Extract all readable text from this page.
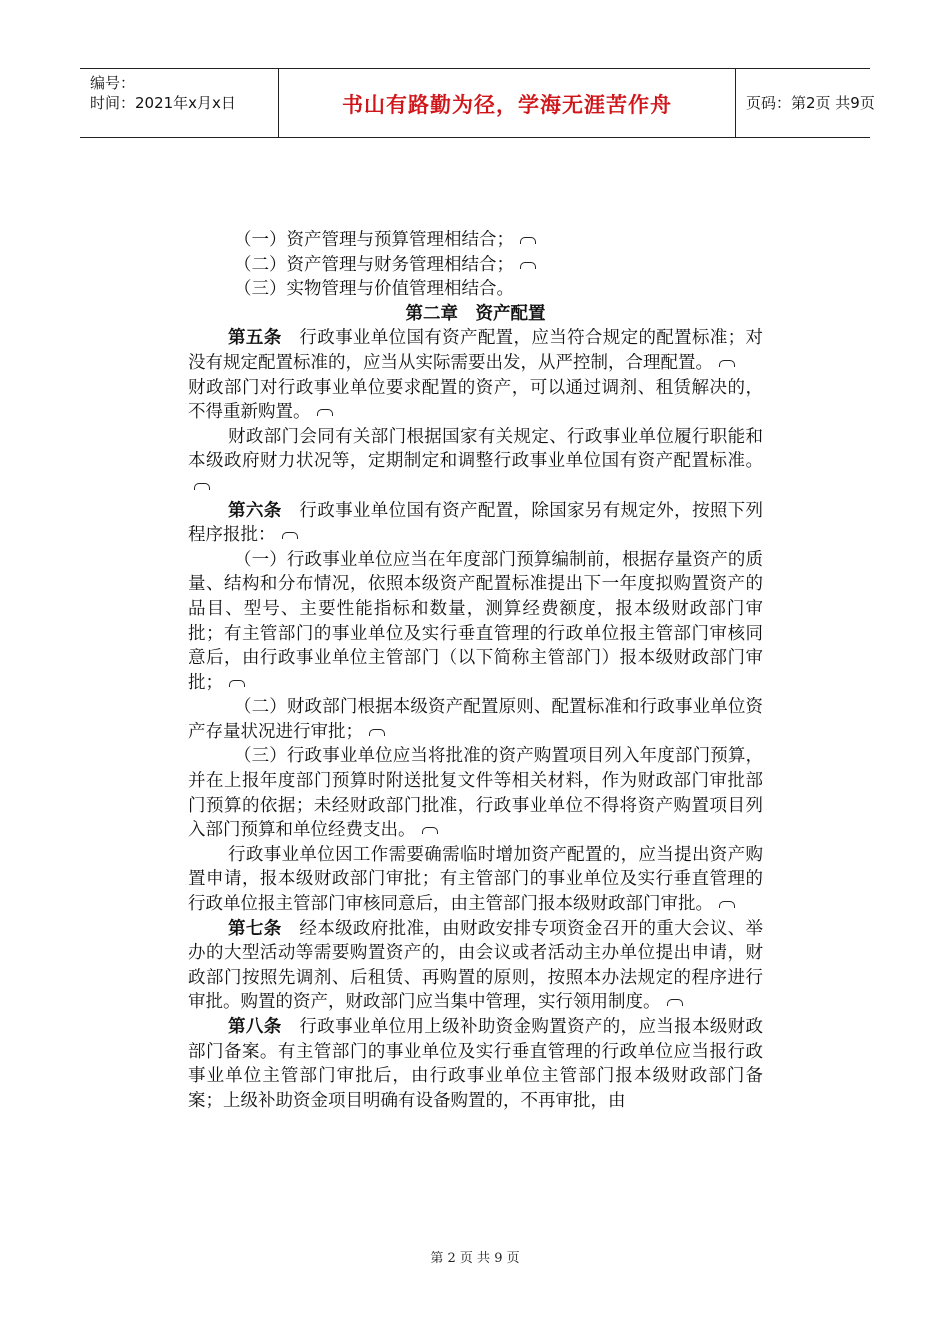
编号：
时间：2021年x月x日	书山有路勤为径，学海无涯苦作舟	页码：第2页 共9页

（一）资产管理与预算管理相结合；

（二）资产管理与财务管理相结合；

（三）实物管理与价值管理相结合。

第二章　资产配置

第五条　行政事业单位国有资产配置，应当符合规定的配置标准；对没有规定配置标准的，应当从实际需要出发，从严控制，合理配置。

财政部门对行政事业单位要求配置的资产，可以通过调剂、租赁解决的，不得重新购置。

财政部门会同有关部门根据国家有关规定、行政事业单位履行职能和本级政府财力状况等，定期制定和调整行政事业单位国有资产配置标准。

第六条　行政事业单位国有资产配置，除国家另有规定外，按照下列程序报批：

（一）行政事业单位应当在年度部门预算编制前，根据存量资产的质量、结构和分布情况，依照本级资产配置标准提出下一年度拟购置资产的品目、型号、主要性能指标和数量，测算经费额度，报本级财政部门审批；有主管部门的事业单位及实行垂直管理的行政单位报主管部门审核同意后，由行政事业单位主管部门（以下简称主管部门）报本级财政部门审批；

（二）财政部门根据本级资产配置原则、配置标准和行政事业单位资产存量状况进行审批；

（三）行政事业单位应当将批准的资产购置项目列入年度部门预算，并在上报年度部门预算时附送批复文件等相关材料，作为财政部门审批部门预算的依据；未经财政部门批准，行政事业单位不得将资产购置项目列入部门预算和单位经费支出。

行政事业单位因工作需要确需临时增加资产配置的，应当提出资产购置申请，报本级财政部门审批；有主管部门的事业单位及实行垂直管理的行政单位报主管部门审核同意后，由主管部门报本级财政部门审批。

第七条　经本级政府批准，由财政安排专项资金召开的重大会议、举办的大型活动等需要购置资产的，由会议或者活动主办单位提出申请，财政部门按照先调剂、后租赁、再购置的原则，按照本办法规定的程序进行审批。购置的资产，财政部门应当集中管理，实行领用制度。

第八条　行政事业单位用上级补助资金购置资产的，应当报本级财政部门备案。有主管部门的事业单位及实行垂直管理的行政单位应当报行政事业单位主管部门审批后，由行政事业单位主管部门报本级财政部门备案；上级补助资金项目明确有设备购置的，不再审批，由

第 2 页 共 9 页
